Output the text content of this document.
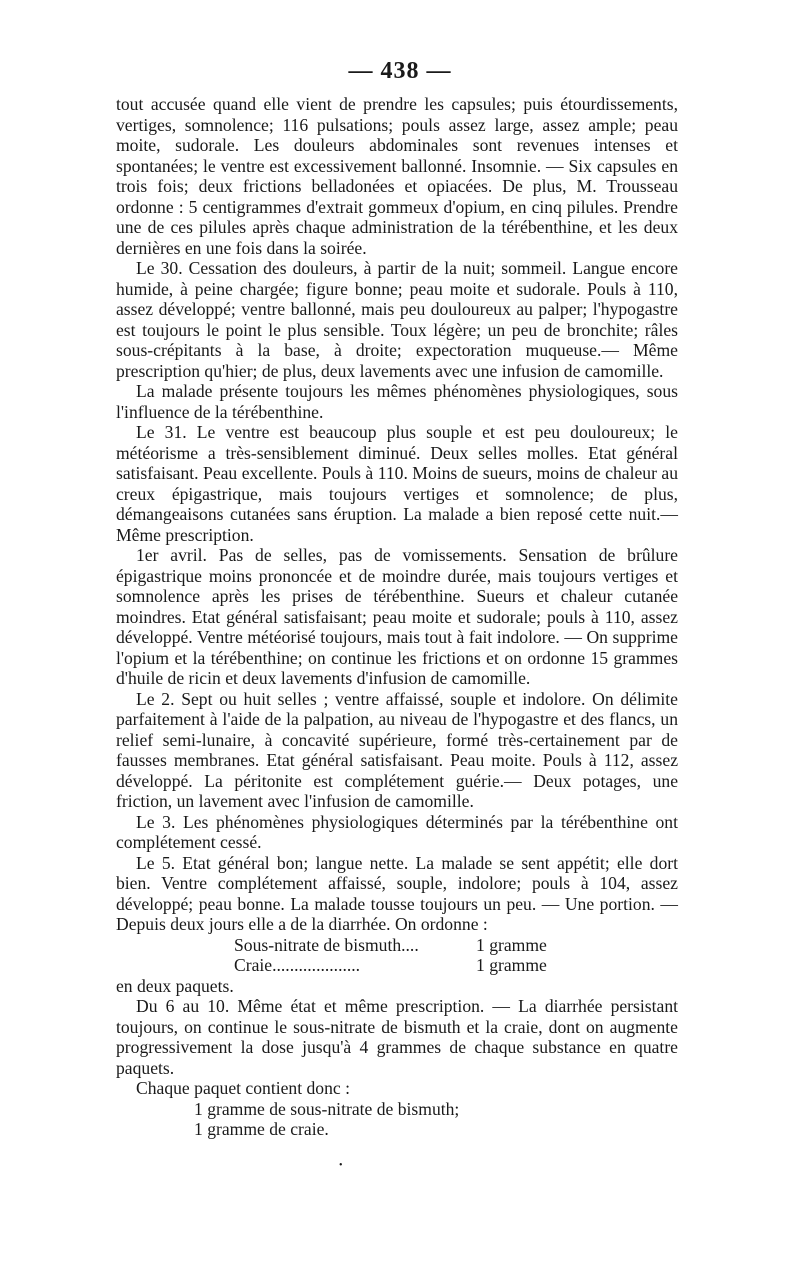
— 438 —

tout accusée quand elle vient de prendre les capsules; puis étourdissements, vertiges, somnolence; 116 pulsations; pouls assez large, assez ample; peau moite, sudorale. Les douleurs abdominales sont revenues intenses et spontanées; le ventre est excessivement ballonné. Insomnie. — Six capsules en trois fois; deux frictions belladonées et opiacées. De plus, M. Trousseau ordonne : 5 centigrammes d'extrait gommeux d'opium, en cinq pilules. Prendre une de ces pilules après chaque administration de la térébenthine, et les deux dernières en une fois dans la soirée.

Le 30. Cessation des douleurs, à partir de la nuit; sommeil. Langue encore humide, à peine chargée; figure bonne; peau moite et sudorale. Pouls à 110, assez développé; ventre ballonné, mais peu douloureux au palper; l'hypogastre est toujours le point le plus sensible. Toux légère; un peu de bronchite; râles sous-crépitants à la base, à droite; expectoration muqueuse.— Même prescription qu'hier; de plus, deux lavements avec une infusion de camomille.

La malade présente toujours les mêmes phénomènes physiologiques, sous l'influence de la térébenthine.

Le 31. Le ventre est beaucoup plus souple et est peu douloureux; le météorisme a très-sensiblement diminué. Deux selles molles. Etat général satisfaisant. Peau excellente. Pouls à 110. Moins de sueurs, moins de chaleur au creux épigastrique, mais toujours vertiges et somnolence; de plus, démangeaisons cutanées sans éruption. La malade a bien reposé cette nuit.—Même prescription.

1er avril. Pas de selles, pas de vomissements. Sensation de brûlure épigastrique moins prononcée et de moindre durée, mais toujours vertiges et somnolence après les prises de térébenthine. Sueurs et chaleur cutanée moindres. Etat général satisfaisant; peau moite et sudorale; pouls à 110, assez développé. Ventre météorisé toujours, mais tout à fait indolore. — On supprime l'opium et la térébenthine; on continue les frictions et on ordonne 15 grammes d'huile de ricin et deux lavements d'infusion de camomille.

Le 2. Sept ou huit selles ; ventre affaissé, souple et indolore. On délimite parfaitement à l'aide de la palpation, au niveau de l'hypogastre et des flancs, un relief semi-lunaire, à concavité supérieure, formé très-certainement par de fausses membranes. Etat général satisfaisant. Peau moite. Pouls à 112, assez développé. La péritonite est complétement guérie.— Deux potages, une friction, un lavement avec l'infusion de camomille.

Le 3. Les phénomènes physiologiques déterminés par la térébenthine ont complétement cessé.

Le 5. Etat général bon; langue nette. La malade se sent appétit; elle dort bien. Ventre complétement affaissé, souple, indolore; pouls à 104, assez développé; peau bonne. La malade tousse toujours un peu. — Une portion. — Depuis deux jours elle a de la diarrhée. On ordonne :

Sous-nitrate de bismuth....	1 gramme
Craie....................	1 gramme

en deux paquets.

Du 6 au 10. Même état et même prescription. — La diarrhée persistant toujours, on continue le sous-nitrate de bismuth et la craie, dont on augmente progressivement la dose jusqu'à 4 grammes de chaque substance en quatre paquets.

Chaque paquet contient donc :

1 gramme de sous-nitrate de bismuth;
1 gramme de craie.
•
